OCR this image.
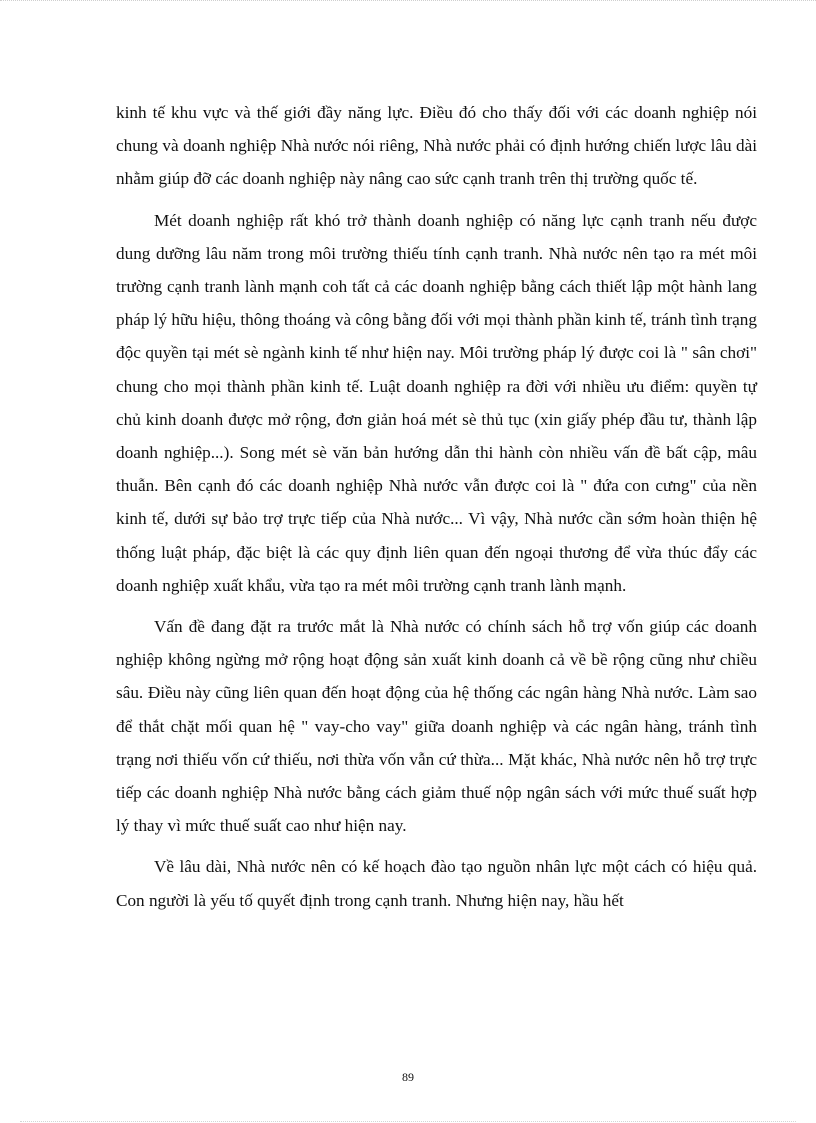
kinh tế khu vực và thế giới đầy năng lực. Điều đó cho thấy đối với các doanh nghiệp nói chung và doanh nghiệp Nhà nước nói riêng, Nhà nước phải có định hướng chiến lược lâu dài nhằm giúp đỡ các doanh nghiệp này nâng cao sức cạnh tranh trên thị trường quốc tế.

Mét doanh nghiệp rất khó trở thành doanh nghiệp có năng lực cạnh tranh nếu được dung dưỡng lâu năm trong môi trường thiếu tính cạnh tranh. Nhà nước nên tạo ra mét môi trường cạnh tranh lành mạnh coh tất cả các doanh nghiệp bằng cách thiết lập một hành lang pháp lý hữu hiệu, thông thoáng và công bằng đối với mọi thành phần kinh tế, tránh tình trạng độc quyền tại mét sè ngành kinh tế như hiện nay. Môi trường pháp lý được coi là " sân chơi" chung cho mọi thành phần kinh tế. Luật doanh nghiệp ra đời với nhiều ưu điểm: quyền tự chủ kinh doanh được mở rộng, đơn giản hoá mét sè thủ tục (xin giấy phép đầu tư, thành lập doanh nghiệp...). Song mét sè văn bản hướng dẫn thi hành còn nhiều vấn đề bất cập, mâu thuẫn. Bên cạnh đó các doanh nghiệp Nhà nước vẫn được coi là " đứa con cưng" của nền kinh tế, dưới sự bảo trợ trực tiếp của Nhà nước... Vì vậy, Nhà nước cần sớm hoàn thiện hệ thống luật pháp, đặc biệt là các quy định liên quan đến ngoại thương để vừa thúc đẩy các doanh nghiệp xuất khẩu, vừa tạo ra mét môi trường cạnh tranh lành mạnh.

Vấn đề đang đặt ra trước mắt là Nhà nước có chính sách hỗ trợ vốn giúp các doanh nghiệp không ngừng mở rộng hoạt động sản xuất kinh doanh cả về bề rộng cũng như chiều sâu. Điều này cũng liên quan đến hoạt động của hệ thống các ngân hàng Nhà nước. Làm sao để thắt chặt mối quan hệ " vay-cho vay" giữa doanh nghiệp và các ngân hàng, tránh tình trạng nơi thiếu vốn cứ thiếu, nơi thừa vốn vẫn cứ thừa... Mặt khác, Nhà nước nên hỗ trợ trực tiếp các doanh nghiệp Nhà nước bằng cách giảm thuế nộp ngân sách với mức thuế suất hợp lý thay vì mức thuế suất cao như hiện nay.

Về lâu dài, Nhà nước nên có kế hoạch đào tạo nguồn nhân lực một cách có hiệu quả. Con người là yếu tố quyết định trong cạnh tranh. Nhưng hiện nay, hầu hết

89
